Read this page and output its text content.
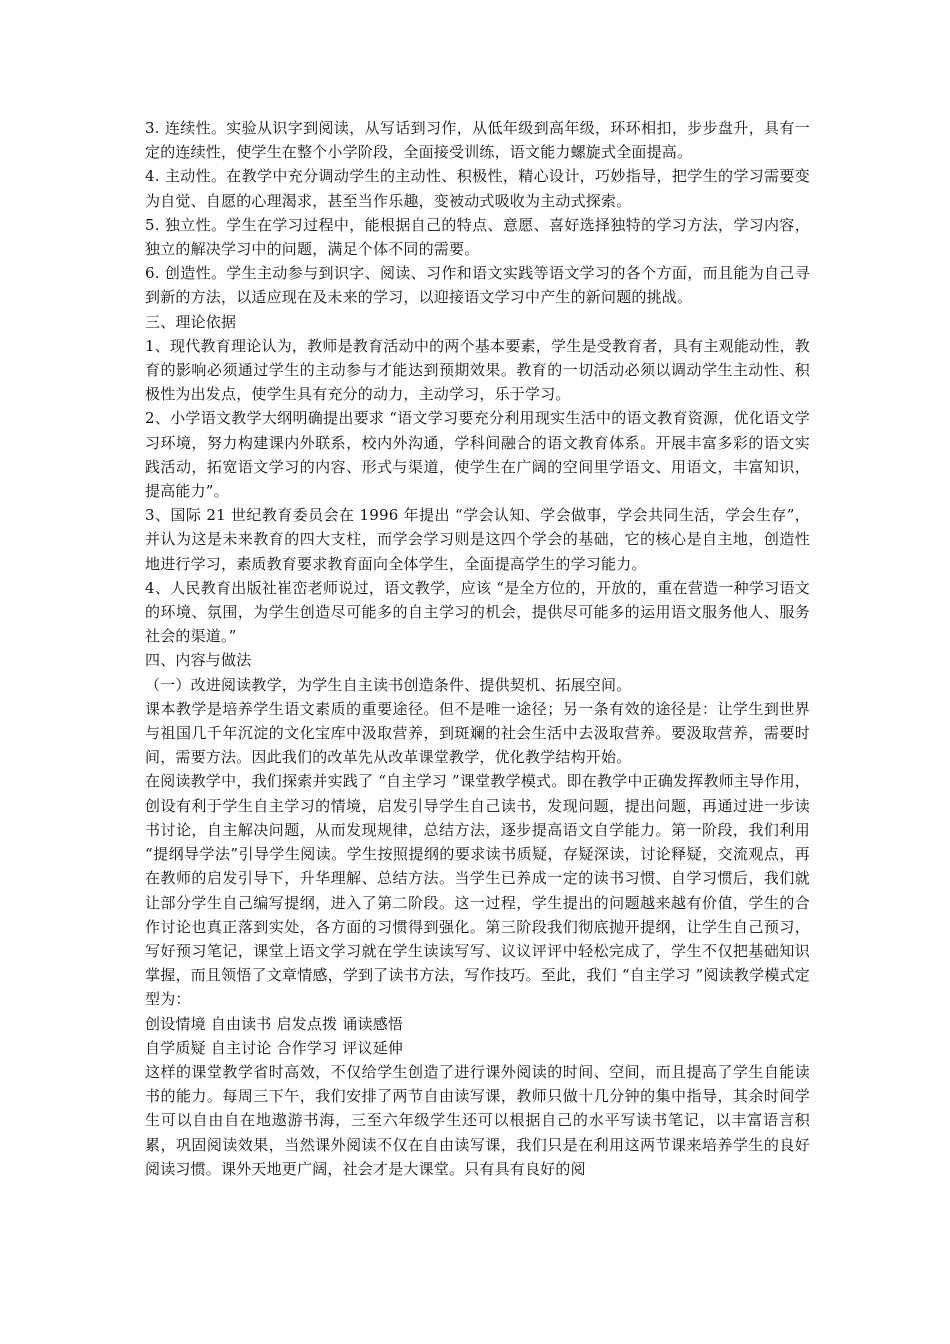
3. 连续性。实验从识字到阅读，从写话到习作，从低年级到高年级，环环相扣，步步盘升，具有一定的连续性，使学生在整个小学阶段，全面接受训练，语文能力螺旋式全面提高。

4. 主动性。在教学中充分调动学生的主动性、积极性，精心设计，巧妙指导，把学生的学习需要变为自觉、自愿的心理渴求，甚至当作乐趣，变被动式吸收为主动式探索。

5. 独立性。学生在学习过程中，能根据自己的特点、意愿、喜好选择独特的学习方法，学习内容，独立的解决学习中的问题，满足个体不同的需要。

6. 创造性。学生主动参与到识字、阅读、习作和语文实践等语文学习的各个方面，而且能为自己寻到新的方法，以适应现在及未来的学习，以迎接语文学习中产生的新问题的挑战。

三、理论依据

1、现代教育理论认为，教师是教育活动中的两个基本要素，学生是受教育者，具有主观能动性，教育的影响必须通过学生的主动参与才能达到预期效果。教育的一切活动必须以调动学生主动性、积极性为出发点，使学生具有充分的动力，主动学习，乐于学习。

2、小学语文教学大纲明确提出要求 “语文学习要充分利用现实生活中的语文教育资源，优化语文学习环境，努力构建课内外联系，校内外沟通，学科间融合的语文教育体系。开展丰富多彩的语文实践活动，拓宽语文学习的内容、形式与渠道，使学生在广阔的空间里学语文、用语文，丰富知识，提高能力”。

3、国际 21 世纪教育委员会在 1996 年提出 “学会认知、学会做事，学会共同生活，学会生存”，并认为这是未来教育的四大支柱，而学会学习则是这四个学会的基础，它的核心是自主地，创造性地进行学习，素质教育要求教育面向全体学生，全面提高学生的学习能力。

4、人民教育出版社崔峦老师说过，语文教学，应该 “是全方位的，开放的，重在营造一种学习语文的环境、氛围，为学生创造尽可能多的自主学习的机会，提供尽可能多的运用语文服务他人、服务社会的渠道。”

四、内容与做法

（一）改进阅读教学，为学生自主读书创造条件、提供契机、拓展空间。

课本教学是培养学生语文素质的重要途径。但不是唯一途径；另一条有效的途径是：让学生到世界与祖国几千年沉淀的文化宝库中汲取营养，到斑斓的社会生活中去汲取营养。要汲取营养，需要时间，需要方法。因此我们的改革先从改革课堂教学，优化教学结构开始。

在阅读教学中，我们探索并实践了 “自主学习 ”课堂教学模式。即在教学中正确发挥教师主导作用，创设有利于学生自主学习的情境，启发引导学生自己读书，发现问题，提出问题，再通过进一步读书讨论，自主解决问题，从而发现规律，总结方法，逐步提高语文自学能力。第一阶段，我们利用 “提纲导学法”引导学生阅读。学生按照提纲的要求读书质疑，存疑深读，讨论释疑，交流观点，再在教师的启发引导下，升华理解、总结方法。当学生已养成一定的读书习惯、自学习惯后，我们就让部分学生自己编写提纲，进入了第二阶段。这一过程，学生提出的问题越来越有价值，学生的合作讨论也真正落到实处，各方面的习惯得到强化。第三阶段我们彻底抛开提纲，让学生自己预习，写好预习笔记，课堂上语文学习就在学生读读写写、议议评评中轻松完成了，学生不仅把基础知识掌握，而且领悟了文章情感，学到了读书方法，写作技巧。至此，我们 “自主学习 ”阅读教学模式定型为：

创设情境 自由读书 启发点拨 诵读感悟

自学质疑 自主讨论 合作学习 评议延伸

这样的课堂教学省时高效，不仅给学生创造了进行课外阅读的时间、空间，而且提高了学生自能读书的能力。每周三下午，我们安排了两节自由读写课，教师只做十几分钟的集中指导，其余时间学生可以自由自在地遨游书海，三至六年级学生还可以根据自己的水平写读书笔记，以丰富语言积累，巩固阅读效果，当然课外阅读不仅在自由读写课，我们只是在利用这两节课来培养学生的良好阅读习惯。课外天地更广阔，社会才是大课堂。只有具有良好的阅
